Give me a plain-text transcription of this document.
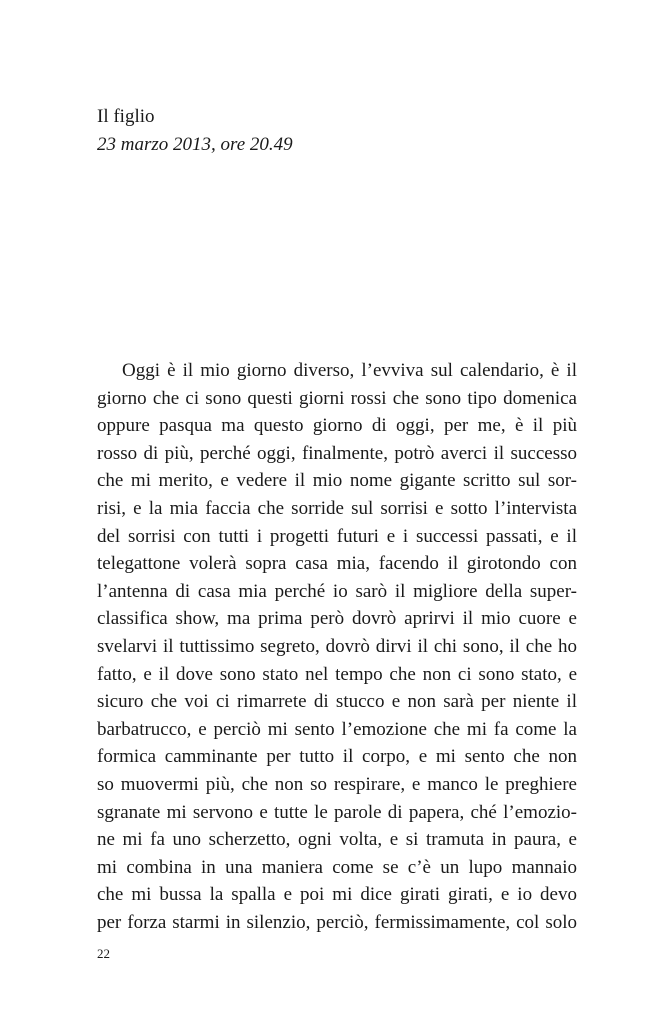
Il figlio
23 marzo 2013, ore 20.49
Oggi è il mio giorno diverso, l’evviva sul calendario, è il
giorno che ci sono questi giorni rossi che sono tipo domenica
oppure pasqua ma questo giorno di oggi, per me, è il più
rosso di più, perché oggi, finalmente, potrò averci il successo
che mi merito, e vedere il mio nome gigante scritto sul sor-
risi, e la mia faccia che sorride sul sorrisi e sotto l’intervista
del sorrisi con tutti i progetti futuri e i successi passati, e il
telegattone volerà sopra casa mia, facendo il girotondo con
l’antenna di casa mia perché io sarò il migliore della super-
classifica show, ma prima però dovrò aprirvi il mio cuore e
svelarvi il tuttissimo segreto, dovrò dirvi il chi sono, il che ho
fatto, e il dove sono stato nel tempo che non ci sono stato, e
sicuro che voi ci rimarrete di stucco e non sarà per niente il
barbatrucco, e perciò mi sento l’emozione che mi fa come la
formica camminante per tutto il corpo, e mi sento che non
so muovermi più, che non so respirare, e manco le preghiere
sgranate mi servono e tutte le parole di papera, ché l’emozio-
ne mi fa uno scherzetto, ogni volta, e si tramuta in paura, e
mi combina in una maniera come se c’è un lupo mannaio
che mi bussa la spalla e poi mi dice girati girati, e io devo
per forza starmi in silenzio, perciò, fermissimamente, col solo
22
